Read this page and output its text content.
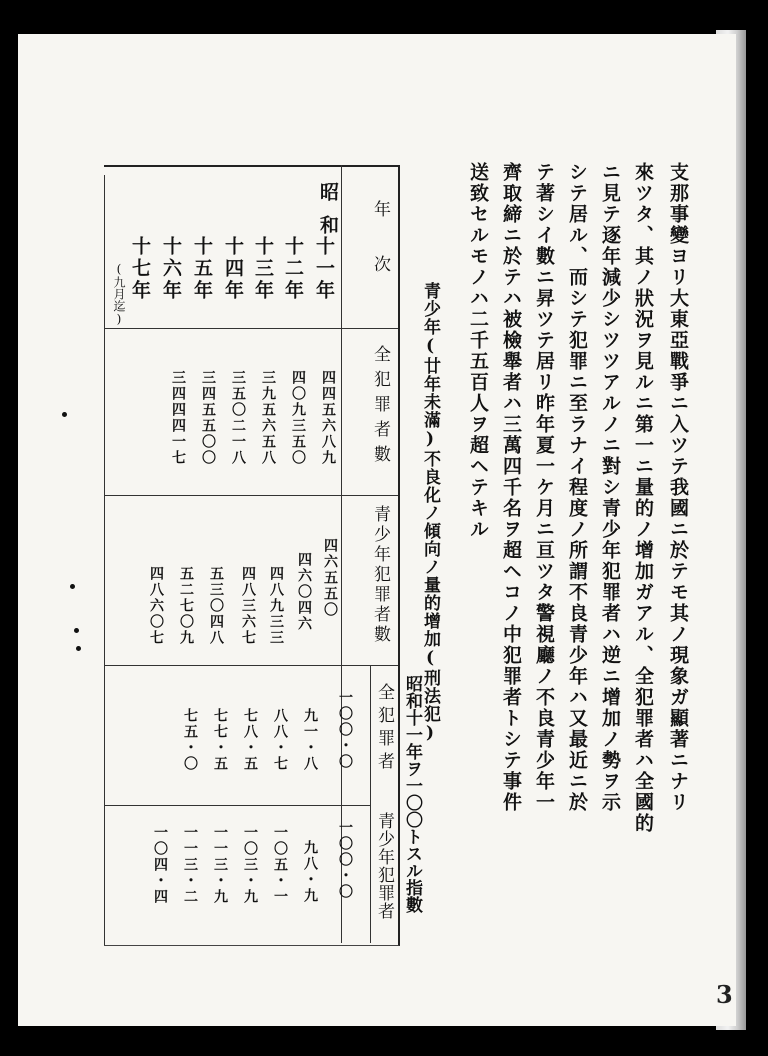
支那事變ヨリ大東亞戰爭ニ入ツテ我國ニ於テモ其ノ現象ガ顯著ニナリ
來ツタ、其ノ狀況ヲ見ルニ第一ニ量的ノ增加ガアル、全犯罪者ハ全國的
ニ見テ逐年減少シツツアルノニ對シ青少年犯罪者ハ逆ニ增加ノ勢ヲ示
シテ居ル、而シテ犯罪ニ至ラナイ程度ノ所謂不良青少年ハ又最近ニ於
テ著シイ數ニ昇ツテ居リ昨年夏一ケ月ニ亘ツタ警視廳ノ不良青少年一
齊取締ニ於テハ被檢舉者ハ三萬四千名ヲ超ヘコノ中犯罪者トシテ事件
送致セルモノハ二千五百人ヲ超ヘテキル
青少年(廿年未滿)不良化ノ傾向ノ量的增加(刑法犯)
年次
全犯罪者數
青少年犯罪者數
昭和十一年ヲ一〇〇トスル指數
全犯罪者
青少年犯罪者
昭和
十一年
十二年
十三年
十四年
十五年
十六年
十七年
(九月迄)
四四五六八九
四〇九三五〇
三九五六五八
三五〇二一八
三四五五〇〇
三四四四一七
四六五五〇
四六〇四六
四八九三三
四八三六七
五三〇四八
五二七〇九
四八六〇七
一〇〇・〇
九一・八
八八・七
七八・五
七七・五
七五・〇
一〇〇・〇
九八・九
一〇五・一
一〇三・九
一一三・九
一一三・二
一〇四・四
3
